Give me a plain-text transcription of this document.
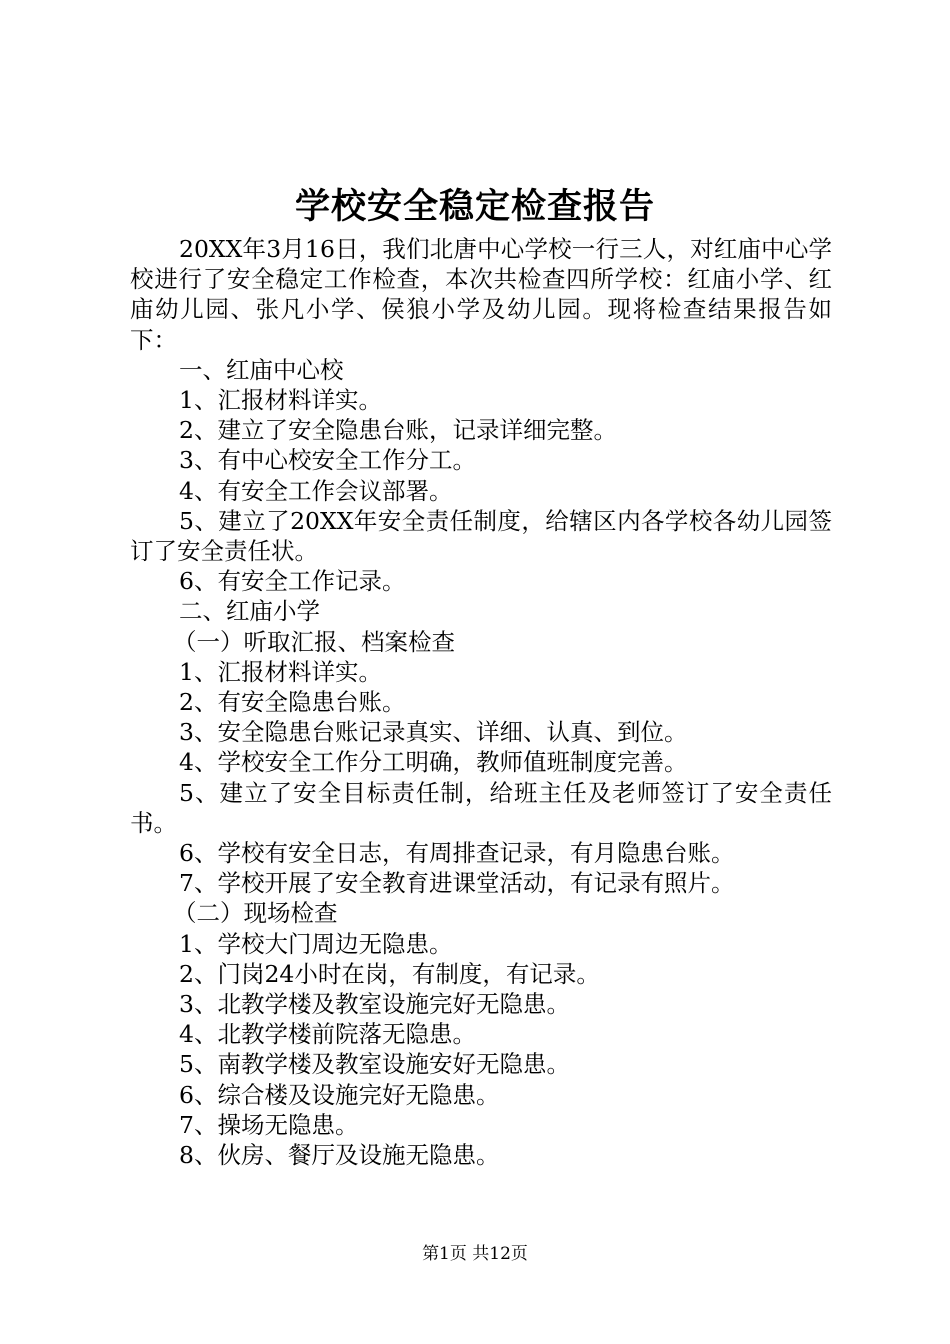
学校安全稳定检查报告

20XX年3月16日，我们北唐中心学校一行三人，对红庙中心学校进行了安全稳定工作检查，本次共检查四所学校：红庙小学、红庙幼儿园、张凡小学、侯狼小学及幼儿园。现将检查结果报告如下：

一、红庙中心校

1、汇报材料详实。

2、建立了安全隐患台账，记录详细完整。

3、有中心校安全工作分工。

4、有安全工作会议部署。

5、建立了20XX年安全责任制度，给辖区内各学校各幼儿园签订了安全责任状。

6、有安全工作记录。

二、红庙小学

（一）听取汇报、档案检查

1、汇报材料详实。

2、有安全隐患台账。

3、安全隐患台账记录真实、详细、认真、到位。

4、学校安全工作分工明确，教师值班制度完善。

5、建立了安全目标责任制，给班主任及老师签订了安全责任书。

6、学校有安全日志，有周排查记录，有月隐患台账。

7、学校开展了安全教育进课堂活动，有记录有照片。

（二）现场检查

1、学校大门周边无隐患。

2、门岗24小时在岗，有制度，有记录。

3、北教学楼及教室设施完好无隐患。

4、北教学楼前院落无隐患。

5、南教学楼及教室设施安好无隐患。

6、综合楼及设施完好无隐患。

7、操场无隐患。

8、伙房、餐厅及设施无隐患。

第1页 共12页
